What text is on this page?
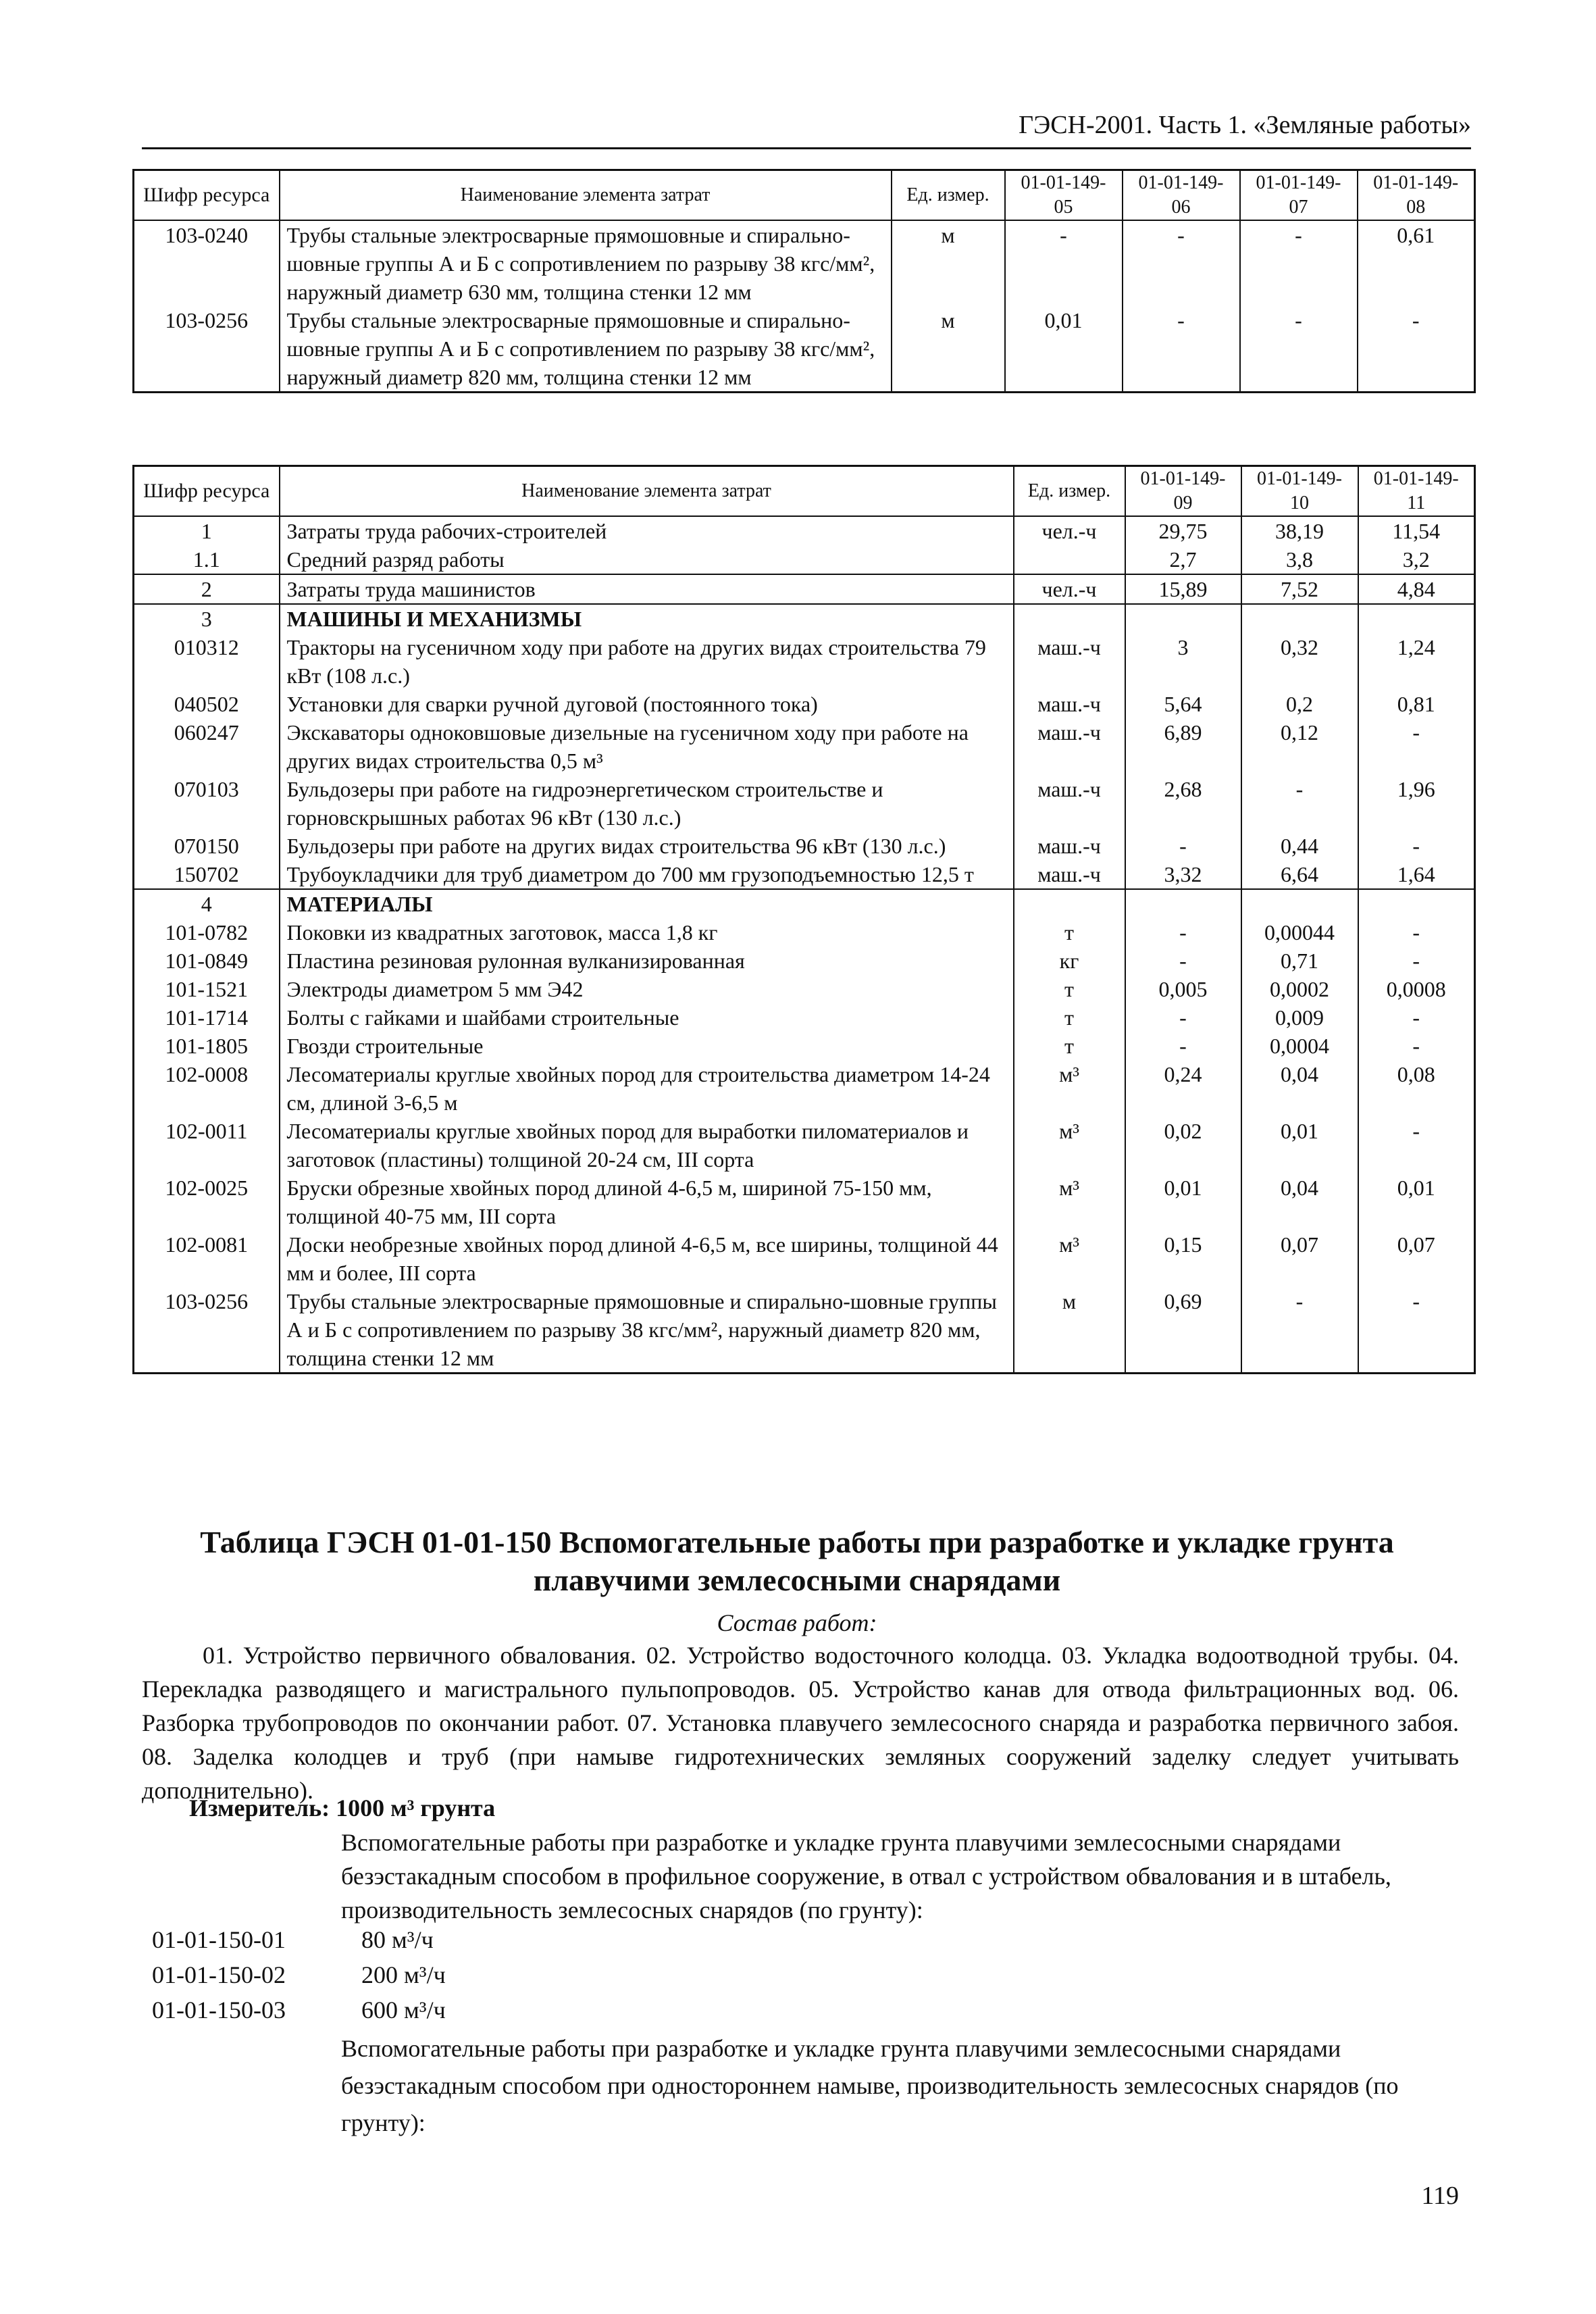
ГЭСН-2001. Часть 1. «Земляные работы»
Шифр ресурса	Наименование элемента затрат	Ед. измер.	01-01-149-05	01-01-149-06	01-01-149-07	01-01-149-08
103-0240	Трубы стальные электросварные прямошовные и спирально-шовные группы А и Б с сопротивлением по разрыву 38 кгс/мм², наружный диаметр 630 мм, толщина стенки 12 мм	м	-	-	-	0,61
103-0256	Трубы стальные электросварные прямошовные и спирально-шовные группы А и Б с сопротивлением по разрыву 38 кгс/мм², наружный диаметр 820 мм, толщина стенки 12 мм	м	0,01	-	-	-
Шифр ресурса	Наименование элемента затрат	Ед. измер.	01-01-149-09	01-01-149-10	01-01-149-11
1	Затраты труда рабочих-строителей	чел.-ч	29,75	38,19	11,54
1.1	Средний разряд работы		2,7	3,8	3,2
2	Затраты труда машинистов	чел.-ч	15,89	7,52	4,84
3	МАШИНЫ И МЕХАНИЗМЫ				
010312	Тракторы на гусеничном ходу при работе на других видах строительства 79 кВт (108 л.с.)	маш.-ч	3	0,32	1,24
040502	Установки для сварки ручной дуговой (постоянного тока)	маш.-ч	5,64	0,2	0,81
060247	Экскаваторы одноковшовые дизельные на гусеничном ходу при работе на других видах строительства 0,5 м³	маш.-ч	6,89	0,12	-
070103	Бульдозеры при работе на гидроэнергетическом строительстве и горновскрышных работах 96 кВт (130 л.с.)	маш.-ч	2,68	-	1,96
070150	Бульдозеры при работе на других видах строительства 96 кВт (130 л.с.)	маш.-ч	-	0,44	-
150702	Трубоукладчики для труб диаметром до 700 мм грузоподъемностью 12,5 т	маш.-ч	3,32	6,64	1,64
4	МАТЕРИАЛЫ				
101-0782	Поковки из квадратных заготовок, масса 1,8 кг	т	-	0,00044	-
101-0849	Пластина резиновая рулонная вулканизированная	кг	-	0,71	-
101-1521	Электроды диаметром 5 мм Э42	т	0,005	0,0002	0,0008
101-1714	Болты с гайками и шайбами строительные	т	-	0,009	-
101-1805	Гвозди строительные	т	-	0,0004	-
102-0008	Лесоматериалы круглые хвойных пород для строительства диаметром 14-24 см, длиной 3-6,5 м	м³	0,24	0,04	0,08
102-0011	Лесоматериалы круглые хвойных пород для выработки пиломатериалов и заготовок (пластины) толщиной 20-24 см, III сорта	м³	0,02	0,01	-
102-0025	Бруски обрезные хвойных пород длиной 4-6,5 м, шириной 75-150 мм, толщиной 40-75 мм, III сорта	м³	0,01	0,04	0,01
102-0081	Доски необрезные хвойных пород длиной 4-6,5 м, все ширины, толщиной 44 мм и более, III сорта	м³	0,15	0,07	0,07
103-0256	Трубы стальные электросварные прямошовные и спирально-шовные группы А и Б с сопротивлением по разрыву 38 кгс/мм², наружный диаметр 820 мм, толщина стенки 12 мм	м	0,69	-	-
Таблица ГЭСН 01-01-150 Вспомогательные работы при разработке и укладке грунта плавучими землесосными снарядами
Состав работ:
01. Устройство первичного обвалования. 02. Устройство водосточного колодца. 03. Укладка водоотводной трубы. 04. Перекладка разводящего и магистрального пульпопроводов. 05. Устройство канав для отвода фильтрационных вод. 06. Разборка трубопроводов по окончании работ. 07. Установка плавучего землесосного снаряда и разработка первичного забоя. 08. Заделка колодцев и труб (при намыве гидротехнических земляных сооружений заделку следует учитывать дополнительно).
Измеритель: 1000 м³ грунта
Вспомогательные работы при разработке и укладке грунта плавучими землесосными снарядами безэстакадным способом в профильное сооружение, в отвал с устройством обвалования и в штабель, производительность землесосных снарядов (по грунту):
01-01-150-01	80 м³/ч
01-01-150-02	200 м³/ч
01-01-150-03	600 м³/ч
Вспомогательные работы при разработке и укладке грунта плавучими землесосными снарядами безэстакадным способом при одностороннем намыве, производительность землесосных снарядов (по грунту):
119
